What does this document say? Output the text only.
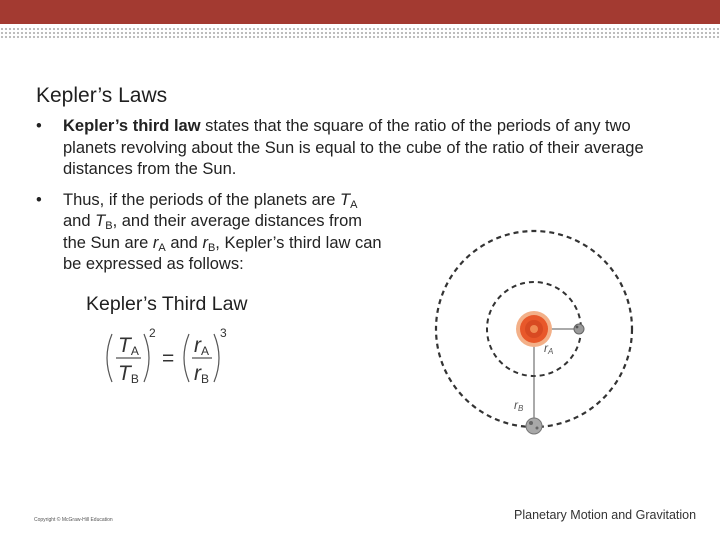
Kepler’s Laws
• Kepler’s third law states that the square of the ratio of the periods of any two planets revolving about the Sun is equal to the cube of the ratio of their average distances from the Sun.
• Thus, if the periods of the planets are $T_A$ and $T_B$, and their average distances from the Sun are $r_A$ and $r_B$, Kepler’s third law can be expressed as follows:
Kepler’s Third Law
$T_A$
$T_B$
2
=
$r_A$
$r_B$
3
rA
rB
Copyright © McGraw-Hill Education	Planetary Motion and Gravitation
